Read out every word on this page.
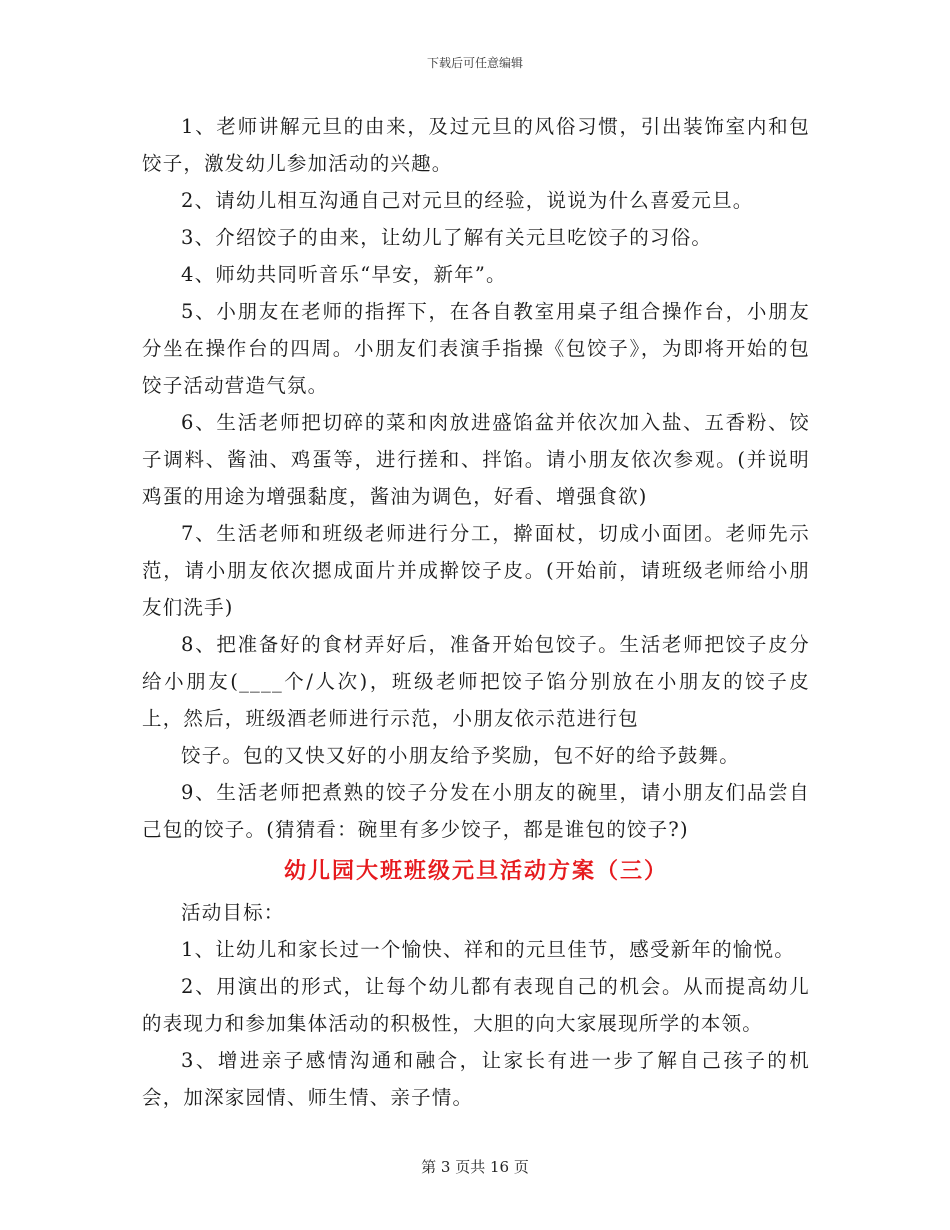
下载后可任意编辑

1、老师讲解元旦的由来，及过元旦的风俗习惯，引出装饰室内和包饺子，激发幼儿参加活动的兴趣。

2、请幼儿相互沟通自己对元旦的经验，说说为什么喜爱元旦。

3、介绍饺子的由来，让幼儿了解有关元旦吃饺子的习俗。

4、师幼共同听音乐“早安，新年”。

5、小朋友在老师的指挥下，在各自教室用桌子组合操作台，小朋友分坐在操作台的四周。小朋友们表演手指操《包饺子》，为即将开始的包饺子活动营造气氛。

6、生活老师把切碎的菜和肉放进盛馅盆并依次加入盐、五香粉、饺子调料、酱油、鸡蛋等，进行搓和、拌馅。请小朋友依次参观。(并说明鸡蛋的用途为增强黏度，酱油为调色，好看、增强食欲)

7、生活老师和班级老师进行分工，擀面杖，切成小面团。老师先示范，请小朋友依次摁成面片并成擀饺子皮。(开始前，请班级老师给小朋友们洗手)

8、把准备好的食材弄好后，准备开始包饺子。生活老师把饺子皮分给小朋友(____个/人次)，班级老师把饺子馅分别放在小朋友的饺子皮上，然后，班级酒老师进行示范，小朋友依示范进行包

饺子。包的又快又好的小朋友给予奖励，包不好的给予鼓舞。

9、生活老师把煮熟的饺子分发在小朋友的碗里，请小朋友们品尝自己包的饺子。(猜猜看：碗里有多少饺子，都是谁包的饺子?)

幼儿园大班班级元旦活动方案（三）

活动目标：

1、让幼儿和家长过一个愉快、祥和的元旦佳节，感受新年的愉悦。

2、用演出的形式，让每个幼儿都有表现自己的机会。从而提高幼儿的表现力和参加集体活动的积极性，大胆的向大家展现所学的本领。

3、增进亲子感情沟通和融合，让家长有进一步了解自己孩子的机会，加深家园情、师生情、亲子情。

第 3 页共 16 页
